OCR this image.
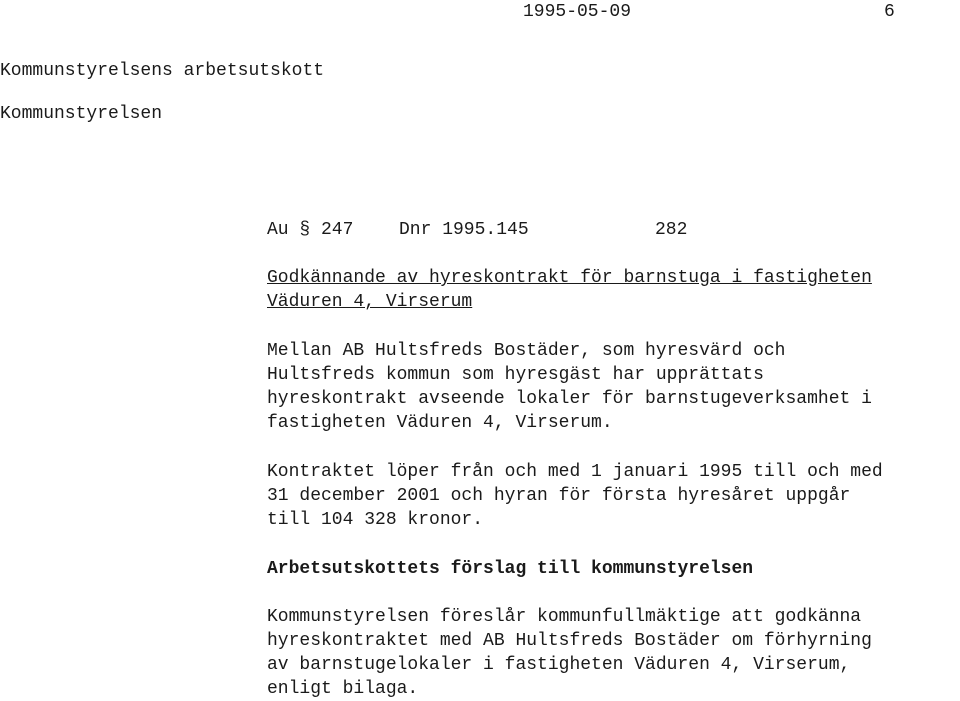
1995-05-09	6
Kommunstyrelsens arbetsutskott
Kommunstyrelsen
Au § 247	Dnr 1995.145	282
Godkännande av hyreskontrakt för barnstuga i fastigheten
Väduren 4, Virserum
Mellan AB Hultsfreds Bostäder, som hyresvärd och
Hultsfreds kommun som hyresgäst har upprättats
hyreskontrakt avseende lokaler för barnstugeverksamhet i
fastigheten Väduren 4, Virserum.
Kontraktet löper från och med 1 januari 1995 till och med
31 december 2001 och hyran för första hyresåret uppgår
till 104 328 kronor.
Arbetsutskottets förslag till kommunstyrelsen
Kommunstyrelsen föreslår kommunfullmäktige att godkänna
hyreskontraktet med AB Hultsfreds Bostäder om förhyrning
av barnstugelokaler i fastigheten Väduren 4, Virserum,
enligt bilaga.
